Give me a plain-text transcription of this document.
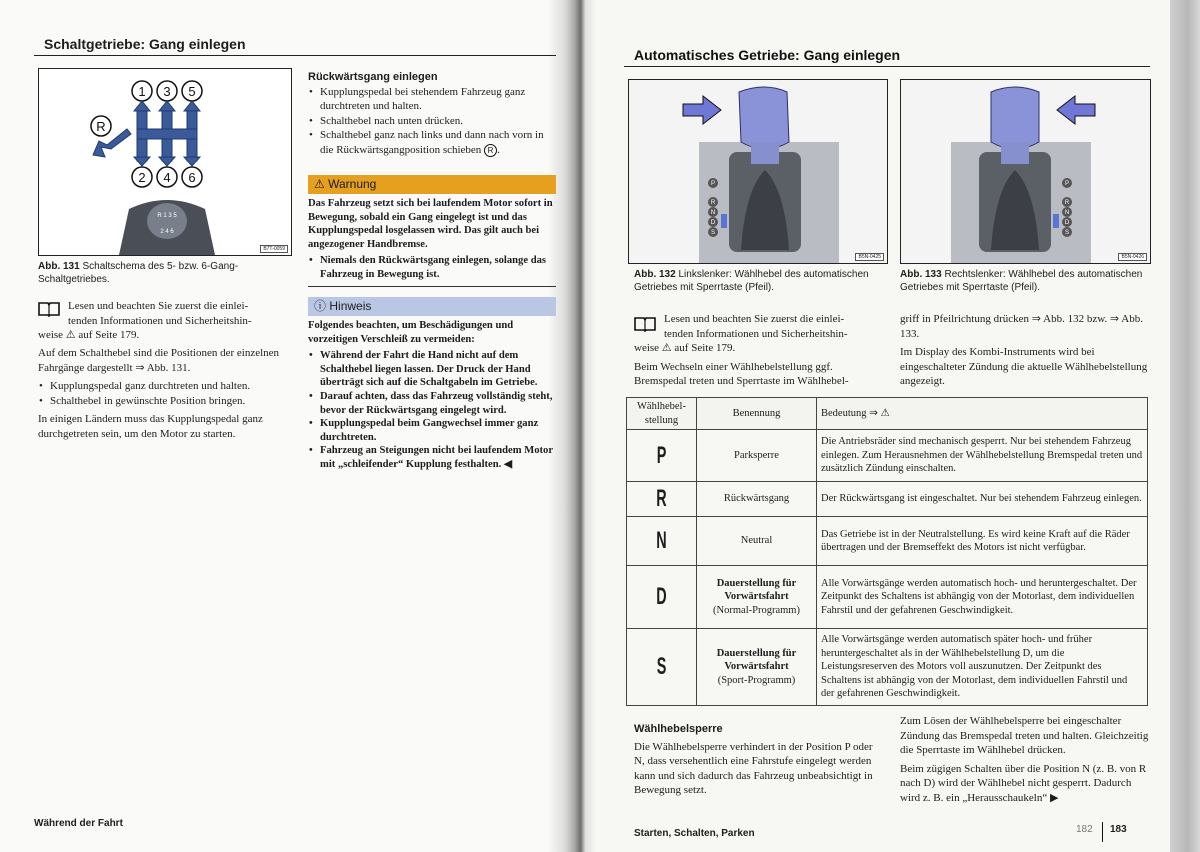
Schaltgetriebe: Gang einlegen
1 3 5
R
2 4 6
R 1 3 5
2 4 6
B7T-0059
Abb. 131 Schaltschema des 5- bzw. 6-Gang-Schaltgetriebes.
Lesen und beachten Sie zuerst die einlei-
tenden Informationen und Sicherheitshin-
weise ⚠ auf Seite 179.

Auf dem Schalthebel sind die Positionen der einzelnen Fahrgänge dargestellt ⇒ Abb. 131.

• Kupplungspedal ganz durchtreten und halten.
• Schalthebel in gewünschte Position bringen.

In einigen Ländern muss das Kupplungspedal ganz durchgetreten sein, um den Motor zu starten.

Rückwärtsgang einlegen
• Kupplungspedal bei stehendem Fahrzeug ganz durchtreten und halten.
• Schalthebel nach unten drücken.
• Schalthebel ganz nach links und dann nach vorn in die Rückwärtsgangposition schieben R .
⚠ Warnung

Das Fahrzeug setzt sich bei laufendem Motor sofort in Bewegung, sobald ein Gang eingelegt ist und das Kupplungspedal losgelassen wird. Das gilt auch bei angezogener Handbremse.

• Niemals den Rückwärtsgang einlegen, solange das Fahrzeug in Bewegung ist.
ⓘ Hinweis

Folgendes beachten, um Beschädigungen und vorzeitigen Verschleiß zu vermeiden:

• Während der Fahrt die Hand nicht auf dem Schalthebel liegen lassen. Der Druck der Hand überträgt sich auf die Schaltgabeln im Getriebe.
• Darauf achten, dass das Fahrzeug vollständig steht, bevor der Rückwärtsgang eingelegt wird.
• Kupplungspedal beim Gangwechsel immer ganz durchtreten.
• Fahrzeug an Steigungen nicht bei laufendem Motor mit „schleifender“ Kupplung festhalten. ◀
Während der Fahrt
Automatisches Getriebe: Gang einlegen
P
R
N
D
S
B5N-0425
Abb. 132 Linkslenker: Wählhebel des automatischen Getriebes mit Sperrtaste (Pfeil).
P
R
N
D
S
B5N-0426
Abb. 133 Rechtslenker: Wählhebel des automatischen Getriebes mit Sperrtaste (Pfeil).
Lesen und beachten Sie zuerst die einlei-
tenden Informationen und Sicherheitshin-
weise ⚠ auf Seite 179.

Beim Wechseln einer Wählhebelstellung ggf. Bremspedal treten und Sperrtaste im Wählhebel-

griff in Pfeilrichtung drücken ⇒ Abb. 132 bzw. ⇒ Abb. 133.

Im Display des Kombi-Instruments wird bei eingeschalteter Zündung die aktuelle Wählhebelstellung angezeigt.

Wählhebel-stellung	Benennung	Bedeutung ⇒ ⚠

P	Parksperre	Die Antriebsräder sind mechanisch gesperrt. Nur bei stehendem Fahrzeug einlegen. Zum Herausnehmen der Wählhebelstellung Bremspedal treten und zusätzlich Zündung einschalten.

R	Rückwärtsgang	Der Rückwärtsgang ist eingeschaltet. Nur bei stehendem Fahrzeug einlegen.

N	Neutral	Das Getriebe ist in der Neutralstellung. Es wird keine Kraft auf die Räder übertragen und der Bremseffekt des Motors ist nicht verfügbar.

D	Dauerstellung für Vorwärtsfahrt
(Normal-Programm)	Alle Vorwärtsgänge werden automatisch hoch- und heruntergeschaltet. Der Zeitpunkt des Schaltens ist abhängig von der Motorlast, dem individuellen Fahrstil und der gefahrenen Geschwindigkeit.

S	Dauerstellung für Vorwärtsfahrt
(Sport-Programm)	Alle Vorwärtsgänge werden automatisch später hoch- und früher heruntergeschaltet als in der Wählhebelstellung D, um die Leistungsreserven des Motors voll auszunutzen. Der Zeitpunkt des Schaltens ist abhängig von der Motorlast, dem individuellen Fahrstil und der gefahrenen Geschwindigkeit.
Wählhebelsperre

Die Wählhebelsperre verhindert in der Position P oder N, dass versehentlich eine Fahrstufe eingelegt werden kann und sich dadurch das Fahrzeug unbeabsichtigt in Bewegung setzt.

Zum Lösen der Wählhebelsperre bei eingeschalter Zündung das Bremspedal treten und halten. Gleichzeitig die Sperrtaste im Wählhebel drücken.

Beim zügigen Schalten über die Position N (z. B. von R nach D) wird der Wählhebel nicht gesperrt. Dadurch wird z. B. ein „Herausschaukeln“ ▶

Starten, Schalten, Parken	182 183
